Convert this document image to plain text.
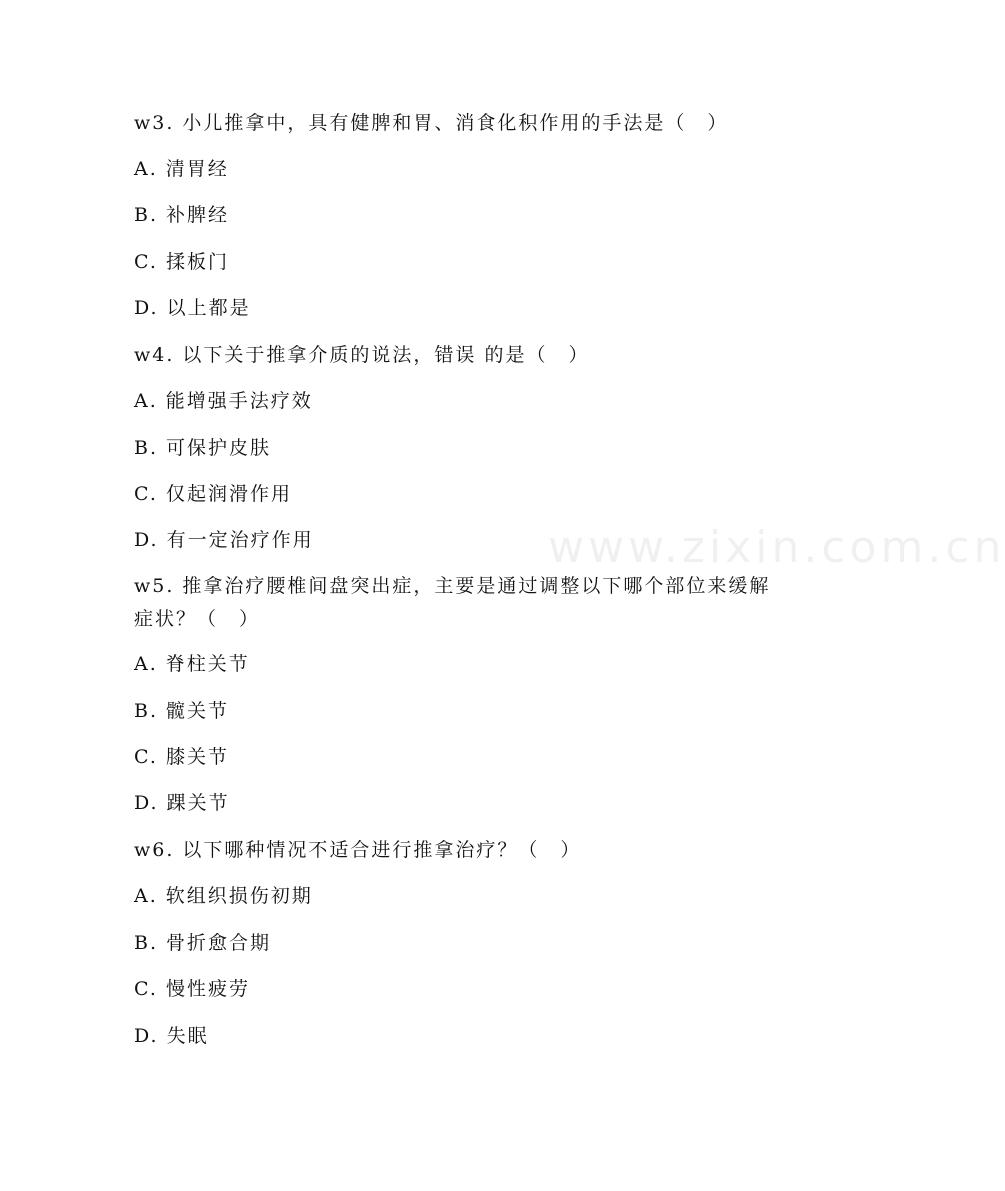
w3. 小儿推拿中，具有健脾和胃、消食化积作用的手法是（　）
A. 清胃经
B. 补脾经
C. 揉板门
D. 以上都是
w4. 以下关于推拿介质的说法，错误 的是（　）
A. 能增强手法疗效
B. 可保护皮肤
C. 仅起润滑作用
D. 有一定治疗作用
w5. 推拿治疗腰椎间盘突出症，主要是通过调整以下哪个部位来缓解症状？（　）
A. 脊柱关节
B. 髋关节
C. 膝关节
D. 踝关节
w6. 以下哪种情况不适合进行推拿治疗？（　）
A. 软组织损伤初期
B. 骨折愈合期
C. 慢性疲劳
D. 失眠
www.zixin.com.cn
